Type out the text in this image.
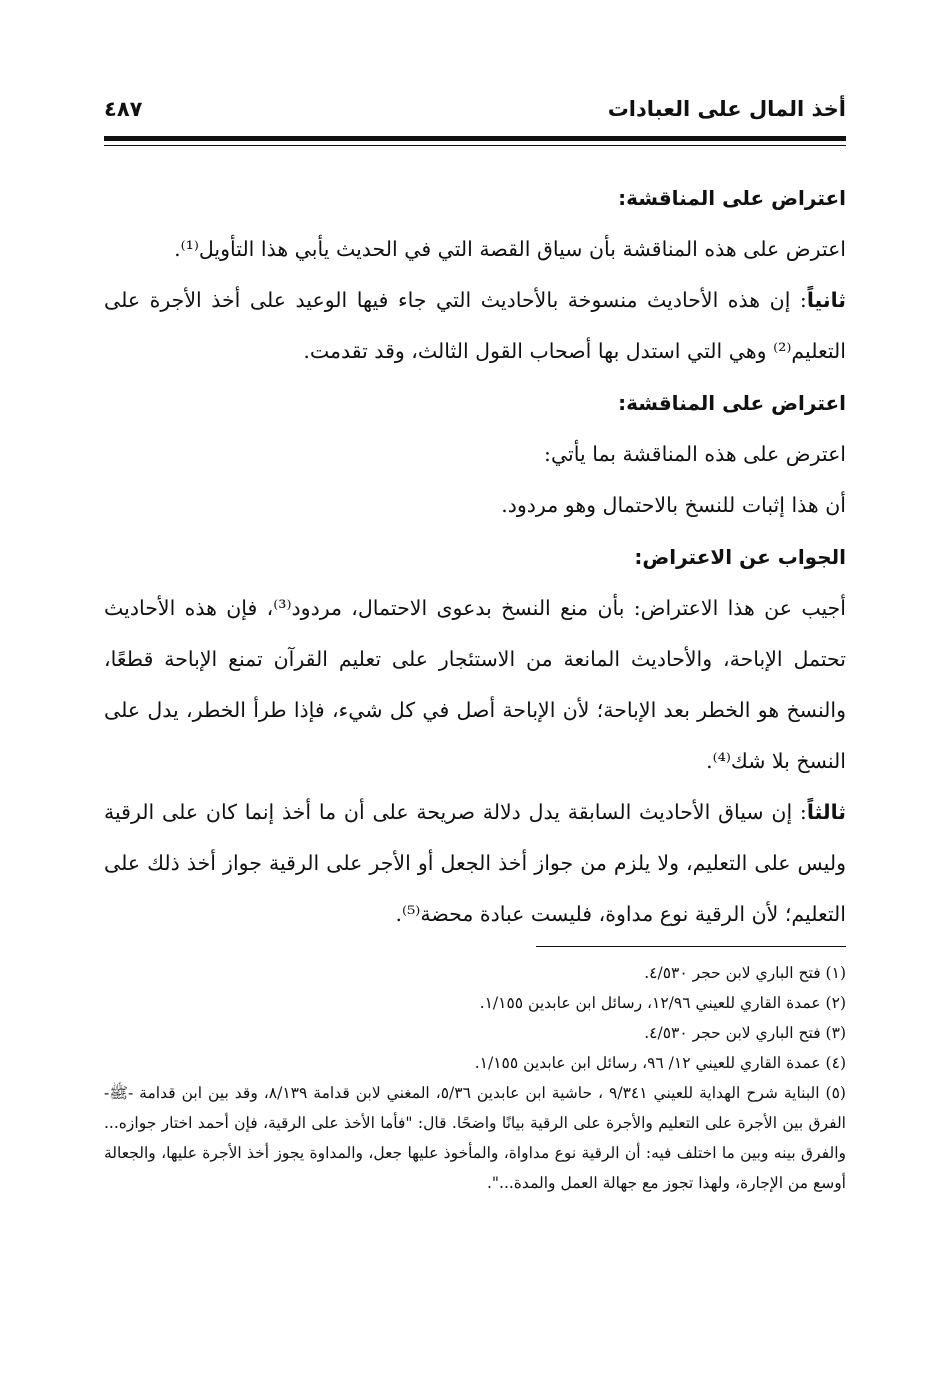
أخذ المال على العبادات
٤٨٧

اعتراض على المناقشة:

اعترض على هذه المناقشة بأن سياق القصة التي في الحديث يأبي هذا التأويل⁽¹⁾.

ثانياً: إن هذه الأحاديث منسوخة بالأحاديث التي جاء فيها الوعيد على أخذ الأجرة على التعليم⁽²⁾ وهي التي استدل بها أصحاب القول الثالث، وقد تقدمت.

اعتراض على المناقشة:

اعترض على هذه المناقشة بما يأتي:

أن هذا إثبات للنسخ بالاحتمال وهو مردود.

الجواب عن الاعتراض:

أجيب عن هذا الاعتراض: بأن منع النسخ بدعوى الاحتمال، مردود⁽³⁾، فإن هذه الأحاديث تحتمل الإباحة، والأحاديث المانعة من الاستئجار على تعليم القرآن تمنع الإباحة قطعًا، والنسخ هو الخطر بعد الإباحة؛ لأن الإباحة أصل في كل شيء، فإذا طرأ الخطر، يدل على النسخ بلا شك⁽⁴⁾.

ثالثاً: إن سياق الأحاديث السابقة يدل دلالة صريحة على أن ما أخذ إنما كان على الرقية وليس على التعليم، ولا يلزم من جواز أخذ الجعل أو الأجر على الرقية جواز أخذ ذلك على التعليم؛ لأن الرقية نوع مداوة، فليست عبادة محضة⁽⁵⁾.

(١) فتح الباري لابن حجر ٤/٥٣٠.

(٢) عمدة القاري للعيني ١٢/٩٦، رسائل ابن عابدين ١/١٥٥.

(٣) فتح الباري لابن حجر ٤/٥٣٠.

(٤) عمدة القاري للعيني ١٢/ ٩٦، رسائل ابن عابدين ١/١٥٥.

(٥) البناية شرح الهداية للعيني ٩/٣٤١ ، حاشية ابن عابدين ٥/٣٦، المغني لابن قدامة ٨/١٣٩، وقد بين ابن قدامة -ﷺ- الفرق بين الأجرة على التعليم والأجرة على الرقية بيانًا واضحًا. قال: "فأما الأخذ على الرقية، فإن أحمد اختار جوازه... والفرق بينه وبين ما اختلف فيه: أن الرقية نوع مداواة، والمأخوذ عليها جعل، والمداوة يجوز أخذ الأجرة عليها، والجعالة أوسع من الإجارة، ولهذا تجوز مع جهالة العمل والمدة...".
